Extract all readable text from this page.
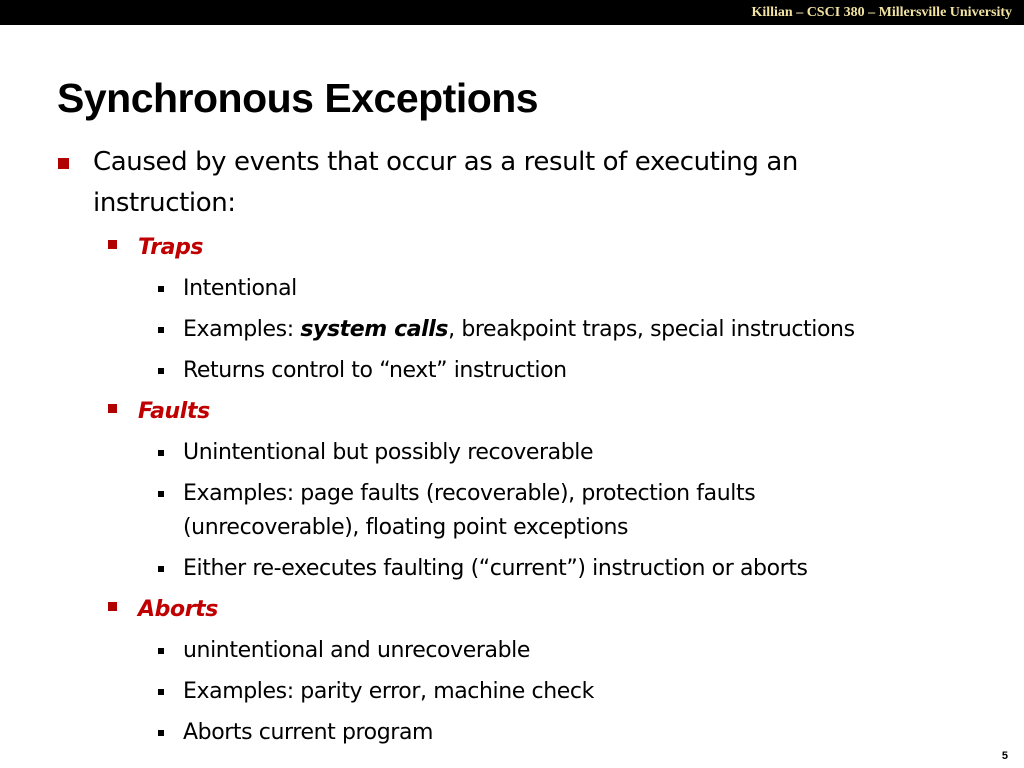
Killian – CSCI 380 – Millersville University
Synchronous Exceptions
Caused by events that occur as a result of executing an
instruction:
Traps
Intentional
Examples: system calls, breakpoint traps, special instructions
Returns control to “next” instruction
Faults
Unintentional but possibly recoverable
Examples: page faults (recoverable), protection faults
(unrecoverable), floating point exceptions
Either re-executes faulting (“current”) instruction or aborts
Aborts
unintentional and unrecoverable
Examples: parity error, machine check
Aborts current program
5
